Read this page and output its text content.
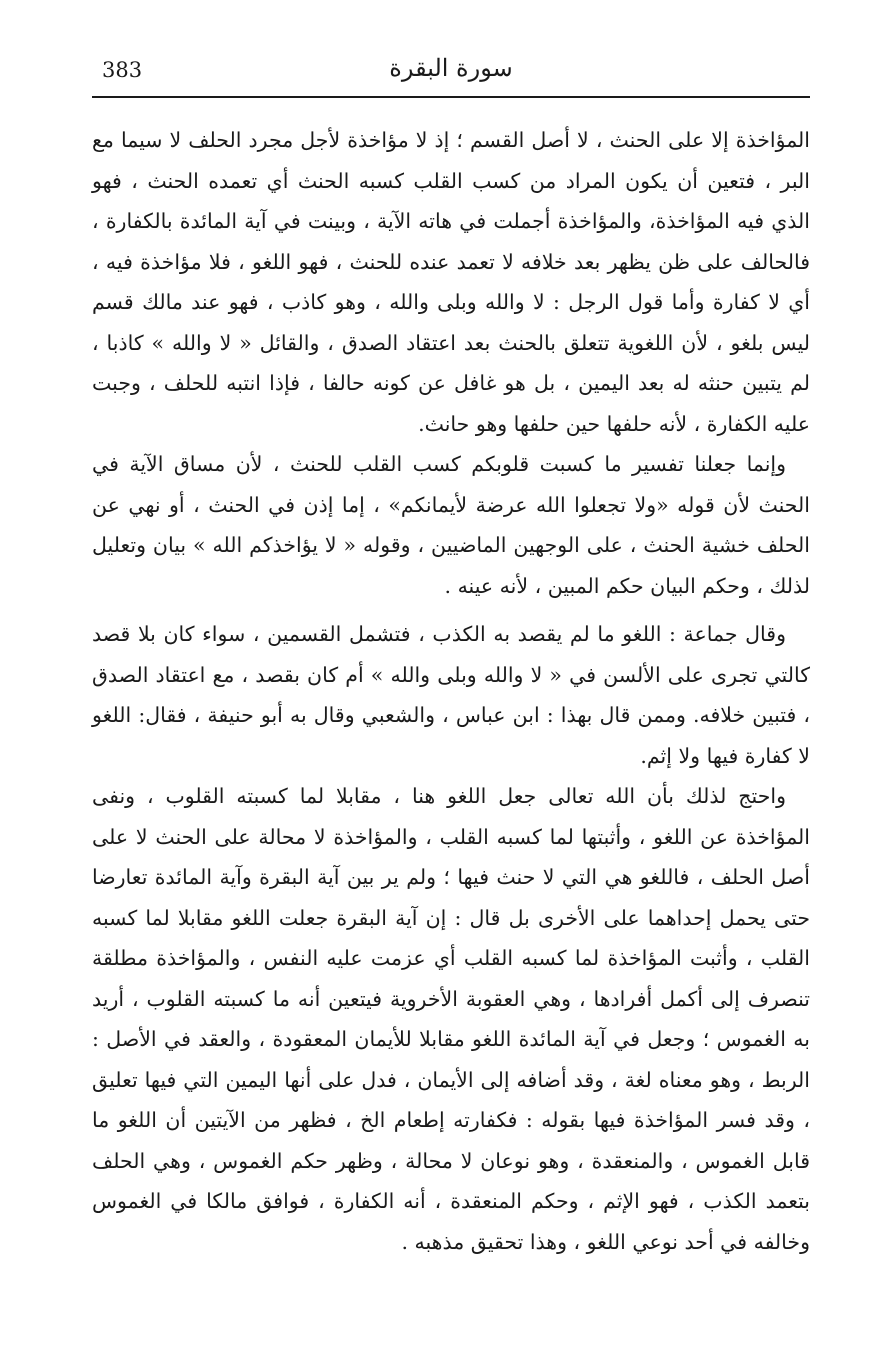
383	سورة البقرة

المؤاخذة إلا على الحنث ، لا أصل القسم ؛ إذ لا مؤاخذة لأجل مجرد الحلف لا سيما مع البر ، فتعين أن يكون المراد من كسب القلب كسبه الحنث أي تعمده الحنث ، فهو الذي فيه المؤاخذة، والمؤاخذة أجملت في هاته الآية ، وبينت في آية المائدة بالكفارة ، فالحالف على ظن يظهر بعد خلافه لا تعمد عنده للحنث ، فهو اللغو ، فلا مؤاخذة فيه ، أي لا كفارة وأما قول الرجل : لا والله وبلى والله ، وهو كاذب ، فهو عند مالك قسم ليس بلغو ، لأن اللغوية تتعلق بالحنث بعد اعتقاد الصدق ، والقائل « لا والله » كاذبا ، لم يتبين حنثه له بعد اليمين ، بل هو غافل عن كونه حالفا ، فإذا انتبه للحلف ، وجبت عليه الكفارة ، لأنه حلفها حين حلفها وهو حانث.

وإنما جعلنا تفسير ما كسبت قلوبكم كسب القلب للحنث ، لأن مساق الآية في الحنث لأن قوله «ولا تجعلوا الله عرضة لأيمانكم» ، إما إذن في الحنث ، أو نهي عن الحلف خشية الحنث ، على الوجهين الماضيين ، وقوله « لا يؤاخذكم الله » بيان وتعليل لذلك ، وحكم البيان حكم المبين ، لأنه عينه .

وقال جماعة : اللغو ما لم يقصد به الكذب ، فتشمل القسمين ، سواء كان بلا قصد كالتي تجرى على الألسن في « لا والله وبلى والله » أم كان بقصد ، مع اعتقاد الصدق ، فتبين خلافه. وممن قال بهذا : ابن عباس ، والشعبي وقال به أبو حنيفة ، فقال: اللغو لا كفارة فيها ولا إثم.

واحتج لذلك بأن الله تعالى جعل اللغو هنا ، مقابلا لما كسبته القلوب ، ونفى المؤاخذة عن اللغو ، وأثبتها لما كسبه القلب ، والمؤاخذة لا محالة على الحنث لا على أصل الحلف ، فاللغو هي التي لا حنث فيها ؛ ولم ير بين آية البقرة وآية المائدة تعارضا حتى يحمل إحداهما على الأخرى بل قال : إن آية البقرة جعلت اللغو مقابلا لما كسبه القلب ، وأثبت المؤاخذة لما كسبه القلب أي عزمت عليه النفس ، والمؤاخذة مطلقة تنصرف إلى أكمل أفرادها ، وهي العقوبة الأخروية فيتعين أنه ما كسبته القلوب ، أريد به الغموس ؛ وجعل في آية المائدة اللغو مقابلا للأيمان المعقودة ، والعقد في الأصل : الربط ، وهو معناه لغة ، وقد أضافه إلى الأيمان ، فدل على أنها اليمين التي فيها تعليق ، وقد فسر المؤاخذة فيها بقوله : فكفارته إطعام الخ ، فظهر من الآيتين أن اللغو ما قابل الغموس ، والمنعقدة ، وهو نوعان لا محالة ، وظهر حكم الغموس ، وهي الحلف بتعمد الكذب ، فهو الإثم ، وحكم المنعقدة ، أنه الكفارة ، فوافق مالكا في الغموس وخالفه في أحد نوعي اللغو ، وهذا تحقيق مذهبه .
